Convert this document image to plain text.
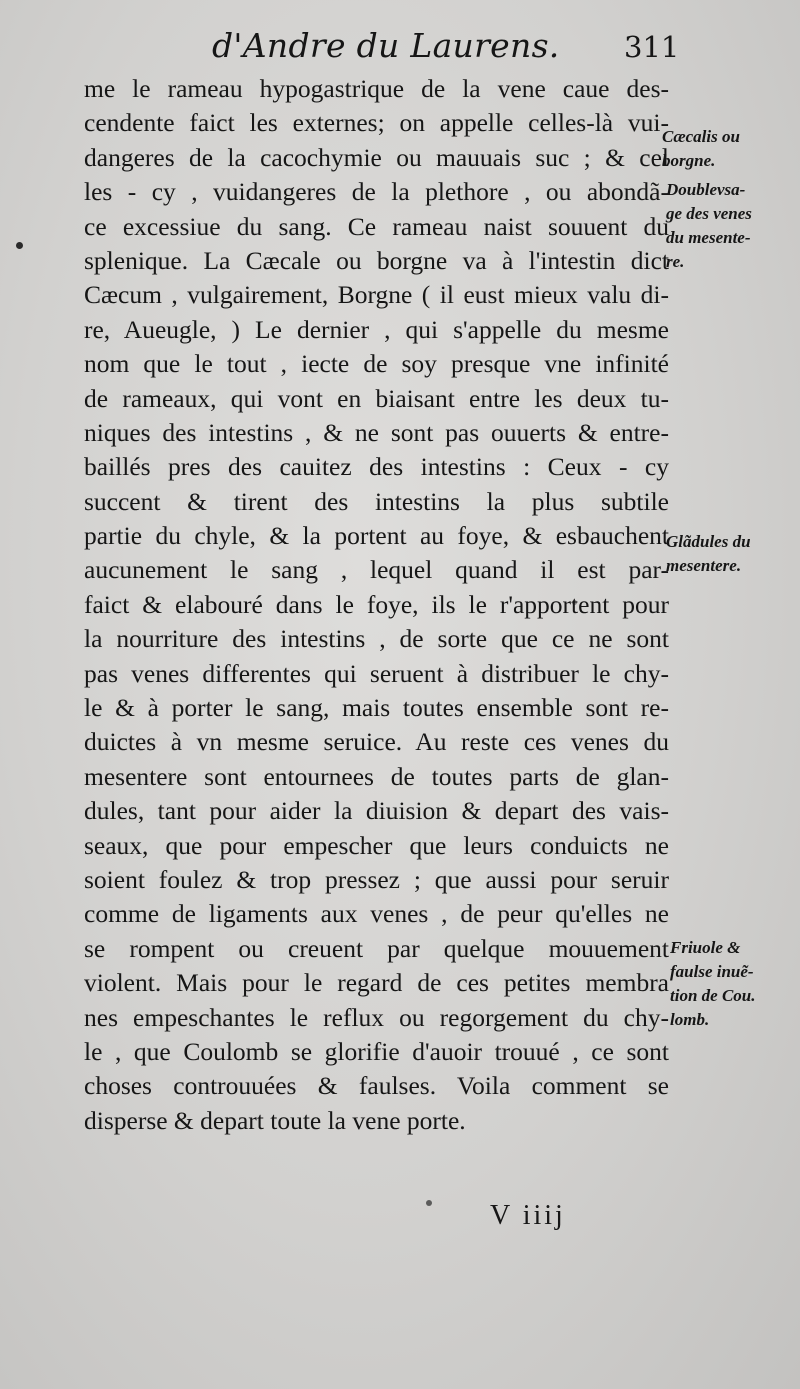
d'Andre du Laurens. 311
me le rameau hypogastrique de la vene caue des-
cendente faict les externes; on appelle celles-là vui-
dangeres de la cacochymie ou mauuais suc ; & cel
les - cy , vuidangeres de la plethore , ou abondã-
ce excessiue du sang. Ce rameau naist souuent du
splenique. La Cæcale ou borgne va à l'intestin dict
Cæcum , vulgairement, Borgne ( il eust mieux valu di-
re, Aueugle, ) Le dernier , qui s'appelle du mesme
nom que le tout , iecte de soy presque vne infinité
de rameaux, qui vont en biaisant entre les deux tu-
niques des intestins , & ne sont pas ouuerts & entre-
baillés pres des cauitez des intestins : Ceux - cy
succent & tirent des intestins la plus subtile
partie du chyle, & la portent au foye, & esbauchent
aucunement le sang , lequel quand il est par-
faict & elabouré dans le foye, ils le r'apportent pour
la nourriture des intestins , de sorte que ce ne sont
pas venes differentes qui seruent à distribuer le chy-
le & à porter le sang, mais toutes ensemble sont re-
duictes à vn mesme seruice. Au reste ces venes du
mesentere sont entournees de toutes parts de glan-
dules, tant pour aider la diuision & depart des vais-
seaux, que pour empescher que leurs conduicts ne
soient foulez & trop pressez ; que aussi pour seruir
comme de ligaments aux venes , de peur qu'elles ne
se rompent ou creuent par quelque mouuement
violent. Mais pour le regard de ces petites membra
nes empeschantes le reflux ou regorgement du chy-
le , que Coulomb se glorifie d'auoir trouué , ce sont
choses controuuées & faulses. Voila comment se
disperse & depart toute la vene porte.
Cæcalis ou
borgne.
Doublevsa-
ge des venes
du mesente-
re.
Glãdules du
mesentere.
Friuole &
faulse inuẽ-
tion de Cou.
lomb.
V iiij
